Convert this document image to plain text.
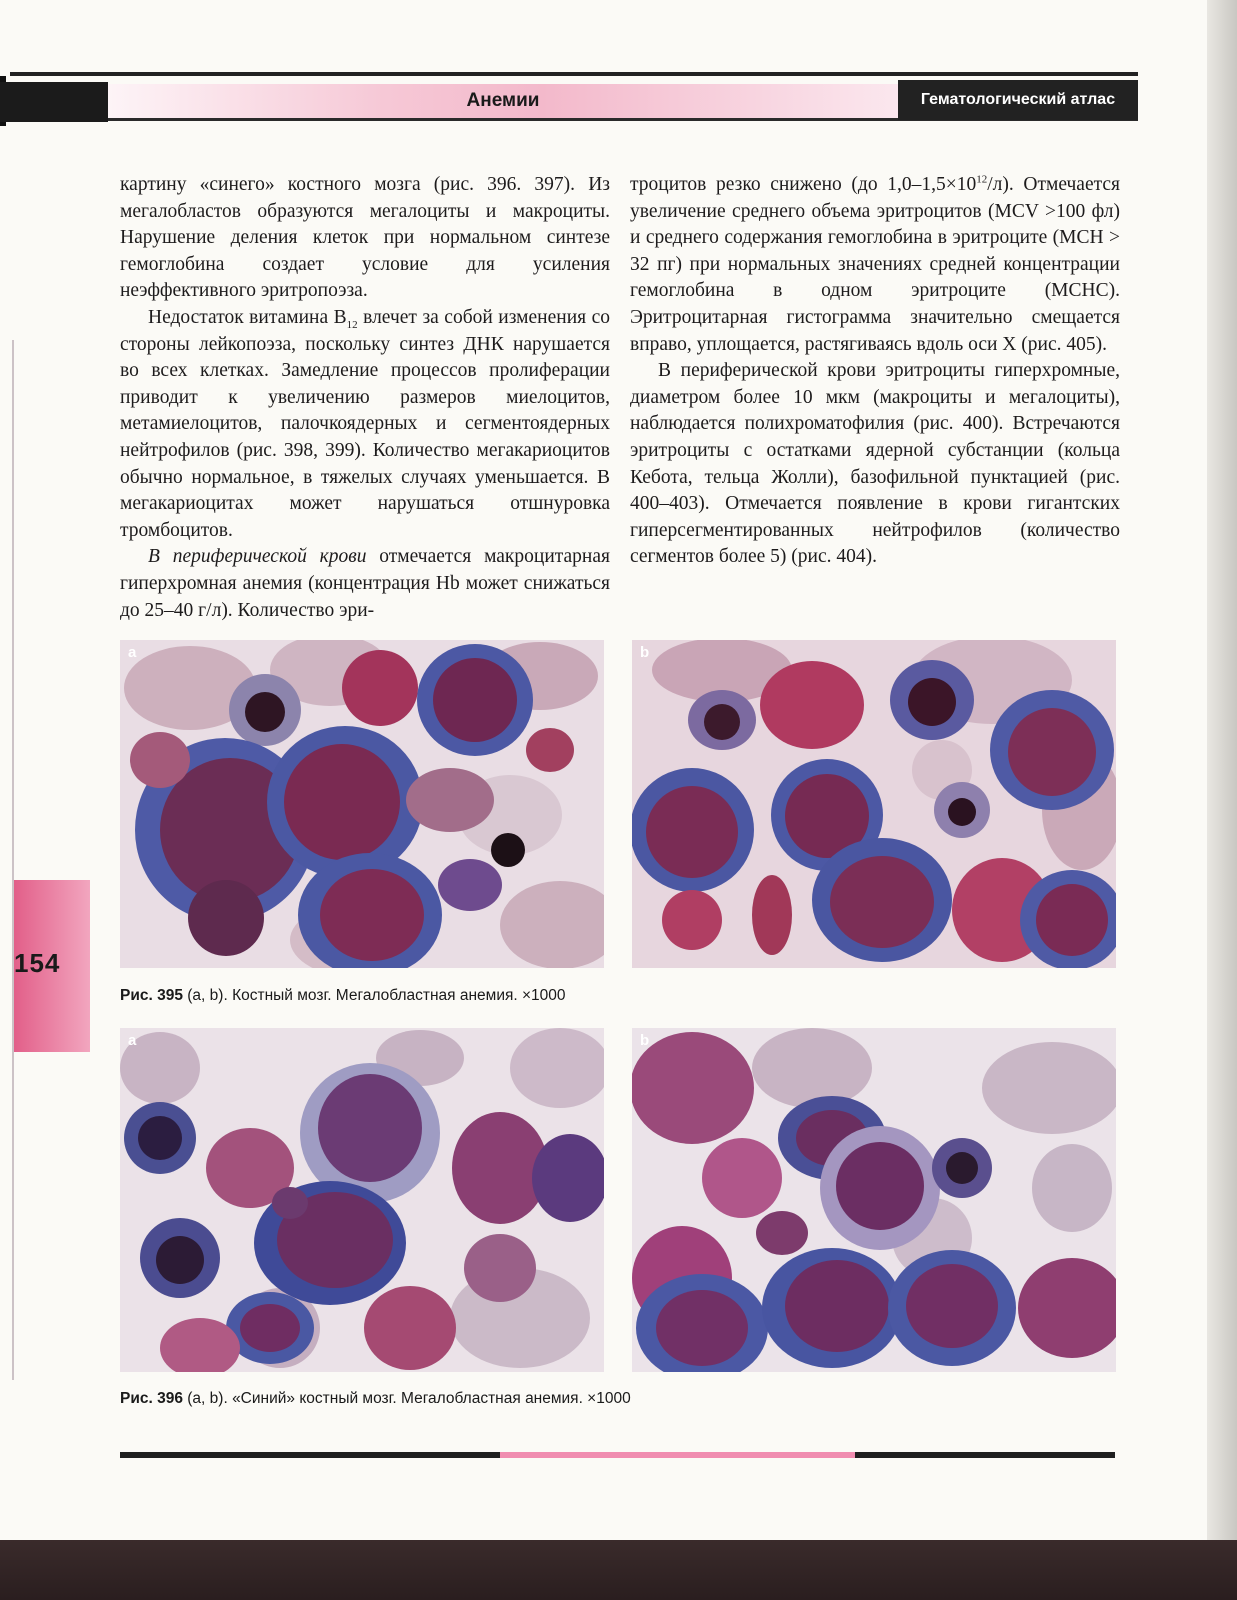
Анемии	Гематологический атлас
154

картину «синего» костного мозга (рис. 396. 397). Из мегалобластов образуются мегалоциты и макроциты. Нарушение деления клеток при нормальном синтезе гемоглобина создает условие для усиления неэффективного эритропоэза.

Недостаток витамина $B_{12}$ влечет за собой изменения со стороны лейкопоэза, поскольку синтез ДНК нарушается во всех клетках. Замедление процессов пролиферации приводит к увеличению размеров миелоцитов, метамиелоцитов, палочкоядерных и сегментоядерных нейтрофилов (рис. 398, 399). Количество мегакариоцитов обычно нормальное, в тяжелых случаях уменьшается. В мегакариоцитах может нарушаться отшнуровка тромбоцитов.

В периферической крови отмечается макроцитарная гиперхромная анемия (концентрация Hb может снижаться до 25–40 г/л). Количество эри-

троцитов резко снижено (до $1,0-1,5\times 10^{12}/л$). Отмечается увеличение среднего объема эритроцитов (MCV >100 фл) и среднего содержания гемоглобина в эритроците (MCH > 32 пг) при нормальных значениях средней концентрации гемоглобина в одном эритроците (MCHC). Эритроцитарная гистограмма значительно смещается вправо, уплощается, растягиваясь вдоль оси X (рис. 405).

В периферической крови эритроциты гиперхромные, диаметром более 10 мкм (макроциты и мегалоциты), наблюдается полихроматофилия (рис. 400). Встречаются эритроциты с остатками ядерной субстанции (кольца Кебота, тельца Жолли), базофильной пунктацией (рис. 400–403). Отмечается появление в крови гигантских гиперсегментированных нейтрофилов (количество сегментов более 5) (рис. 404).

a	b
Рис. 395 (a, b). Костный мозг. Мегалобластная анемия. ×1000
a	b
Рис. 396 (a, b). «Синий» костный мозг. Мегалобластная анемия. ×1000
